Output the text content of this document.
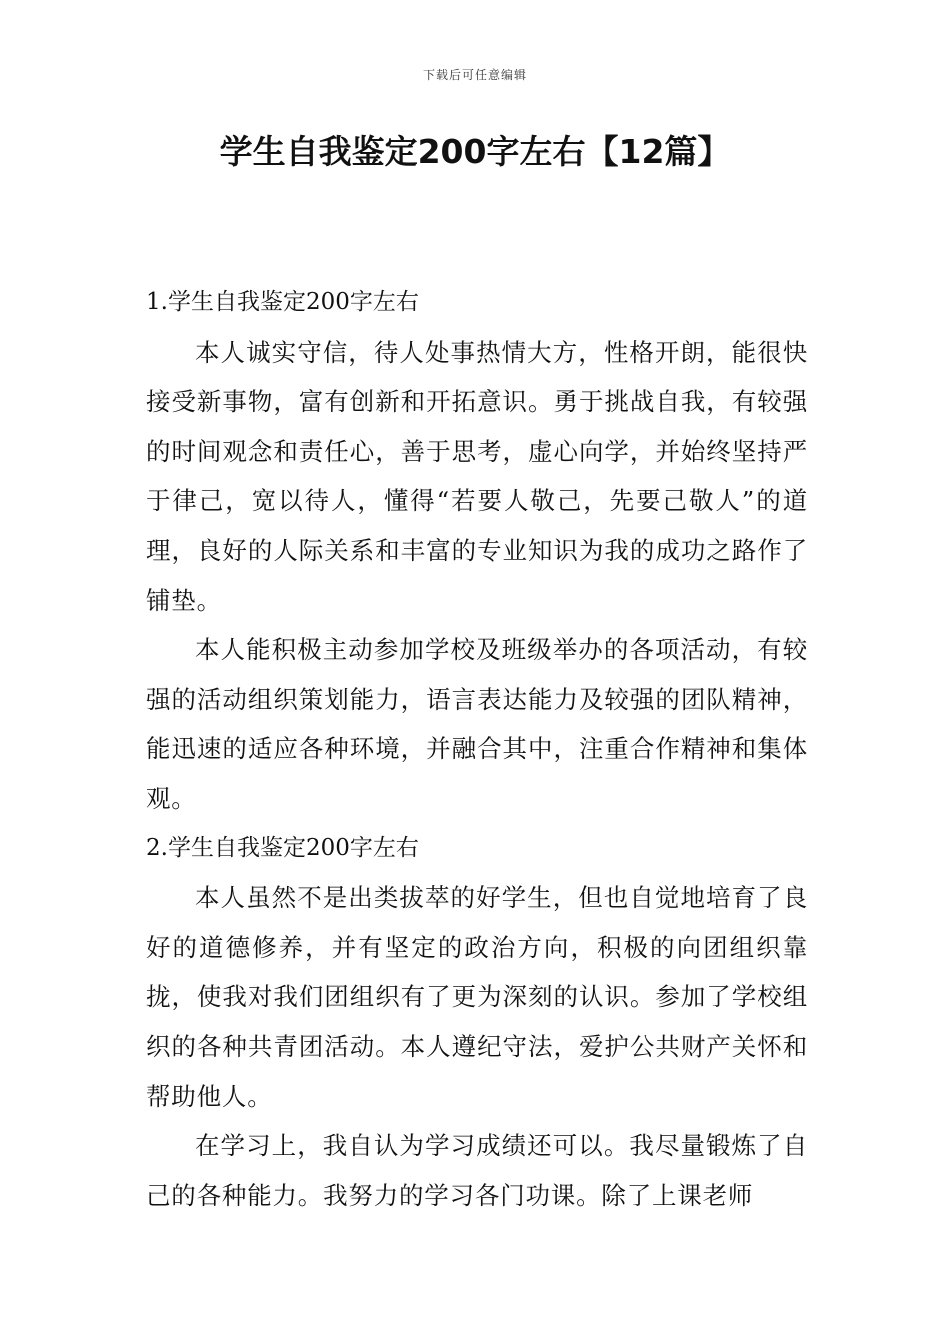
下载后可任意编辑
学生自我鉴定200字左右【12篇】

1.学生自我鉴定200字左右

本人诚实守信，待人处事热情大方，性格开朗，能很快接受新事物，富有创新和开拓意识。勇于挑战自我，有较强的时间观念和责任心，善于思考，虚心向学，并始终坚持严于律己，宽以待人，懂得“若要人敬己，先要己敬人”的道理，良好的人际关系和丰富的专业知识为我的成功之路作了铺垫。

本人能积极主动参加学校及班级举办的各项活动，有较强的活动组织策划能力，语言表达能力及较强的团队精神，能迅速的适应各种环境，并融合其中，注重合作精神和集体观。

2.学生自我鉴定200字左右

本人虽然不是出类拔萃的好学生，但也自觉地培育了良好的道德修养，并有坚定的政治方向，积极的向团组织靠拢，使我对我们团组织有了更为深刻的认识。参加了学校组织的各种共青团活动。本人遵纪守法，爱护公共财产关怀和帮助他人。

在学习上，我自认为学习成绩还可以。我尽量锻炼了自己的各种能力。我努力的学习各门功课。除了上课老师
